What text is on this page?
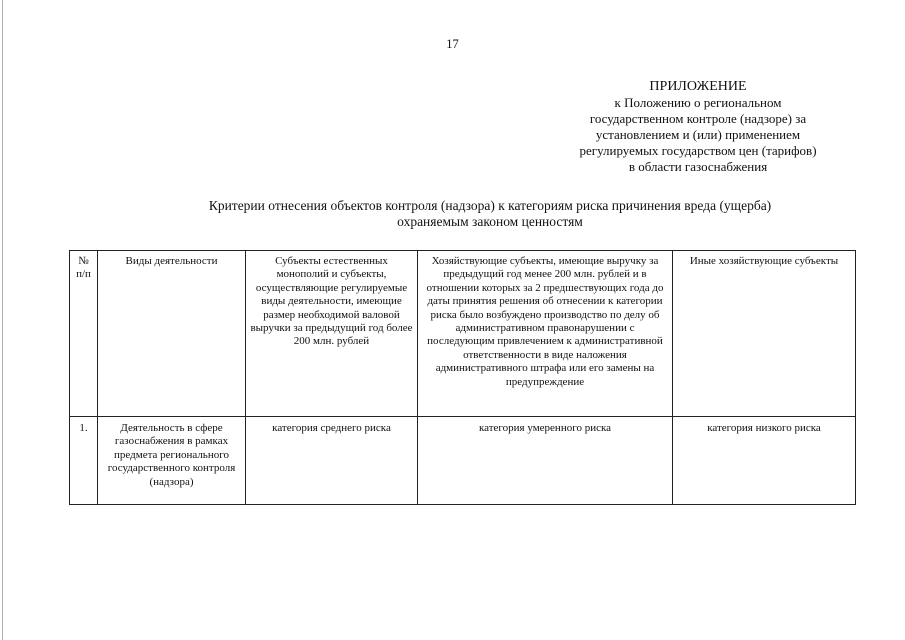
17
ПРИЛОЖЕНИЕ
к Положению о региональном
государственном контроле (надзоре) за
установлением и (или) применением
регулируемых государством цен (тарифов)
в области газоснабжения
Критерии отнесения объектов контроля (надзора) к категориям риска причинения вреда (ущерба)
охраняемым законом ценностям
№ п/п	Виды деятельности	Субъекты естественных монополий и субъекты, осуществляющие регулируемые виды деятельности, имеющие размер необходимой валовой выручки за предыдущий год более 200 млн. рублей	Хозяйствующие субъекты, имеющие выручку за предыдущий год менее 200 млн. рублей и в отношении которых за 2 предшествующих года до даты принятия решения об отнесении к категории риска было возбуждено производство по делу об административном правонарушении с последующим привлечением к административной ответственности в виде наложения административного штрафа или его замены на предупреждение	Иные хозяйствующие субъекты
1.	Деятельность в сфере газоснабжения в рамках предмета регионального государственного контроля (надзора)	категория среднего риска	категория умеренного риска	категория низкого риска
